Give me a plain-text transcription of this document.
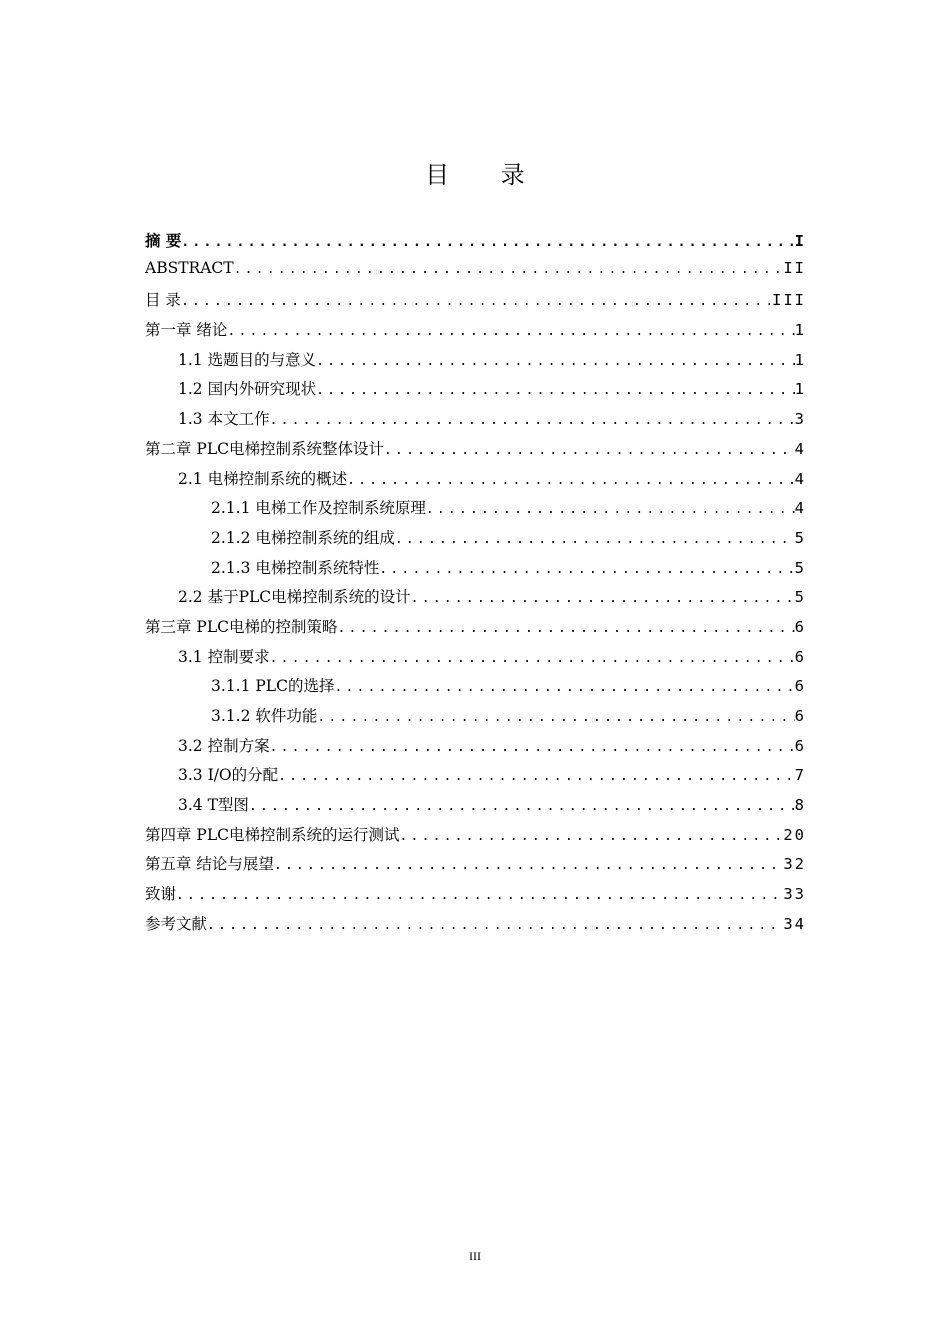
目 录
摘 要 .....	I
ABSTRACT .....	II
目 录 .....	III
第一章 绪论 .....	1
1.1 选题目的与意义 .....	1
1.2 国内外研究现状 .....	1
1.3 本文工作 .....	3
第二章 PLC电梯控制系统整体设计 .....	4
2.1 电梯控制系统的概述 .....	4
2.1.1 电梯工作及控制系统原理 .....	4
2.1.2 电梯控制系统的组成 .....	5
2.1.3 电梯控制系统特性 .....	5
2.2 基于PLC电梯控制系统的设计 .....	5
第三章 PLC电梯的控制策略 .....	6
3.1 控制要求 .....	6
3.1.1 PLC的选择 .....	6
3.1.2 软件功能 .....	6
3.2 控制方案 .....	6
3.3 I/O的分配 .....	7
3.4 T型图 .....	8
第四章 PLC电梯控制系统的运行测试 .....	20
第五章 结论与展望 .....	32
致谢 .....	33
参考文献 .....	34
III
